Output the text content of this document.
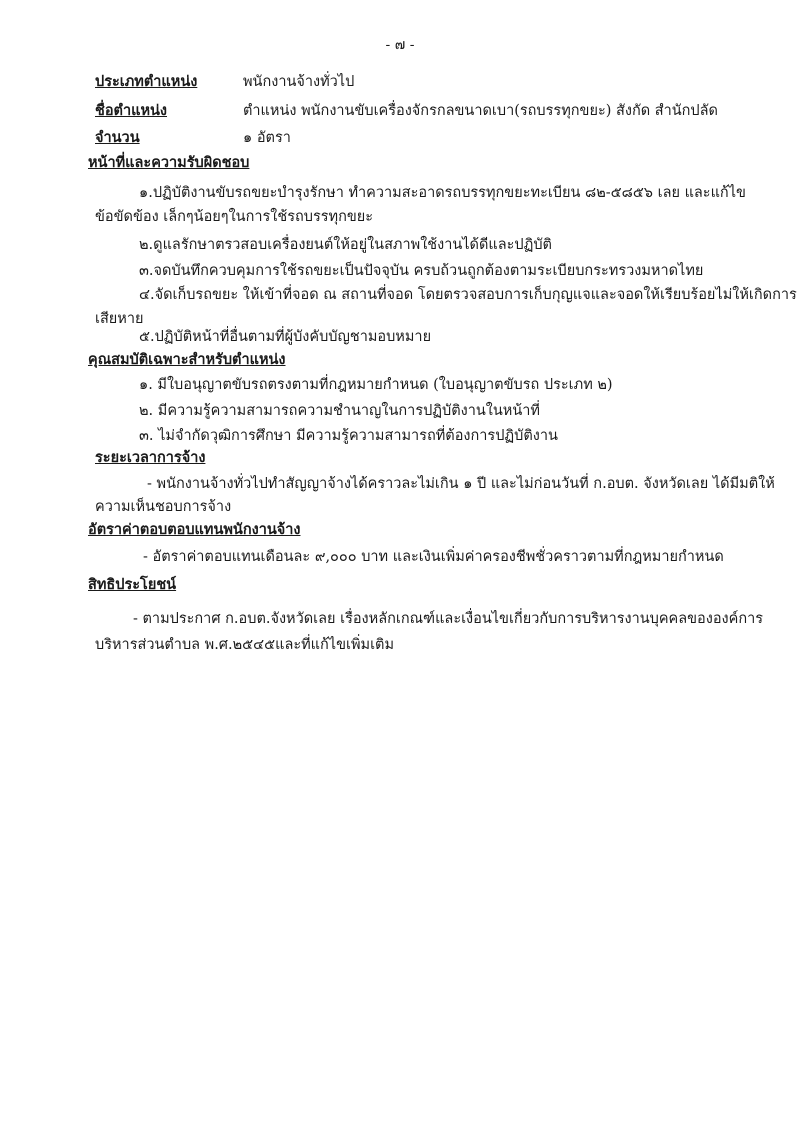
- ๗ -
ประเภทตำแหน่ง	พนักงานจ้างทั่วไป
ชื่อตำแหน่ง	ตำแหน่ง พนักงานขับเครื่องจักรกลขนาดเบา(รถบรรทุกขยะ) สังกัด สำนักปลัด
จำนวน	๑ อัตรา
หน้าที่และความรับผิดชอบ
๑.ปฏิบัติงานขับรถขยะบำรุงรักษา ทำความสะอาดรถบรรทุกขยะทะเบียน ๘๒-๕๘๕๖ เลย และแก้ไข
ข้อขัดข้อง เล็กๆน้อยๆในการใช้รถบรรทุกขยะ
๒.ดูแลรักษาตรวสอบเครื่องยนต์ให้อยู่ในสภาพใช้งานได้ดีและปฏิบัติ
๓.จดบันทึกควบคุมการใช้รถขยะเป็นปัจจุบัน ครบถ้วนถูกต้องตามระเบียบกระทรวงมหาดไทย
๔.จัดเก็บรถขยะ ให้เข้าที่จอด ณ สถานที่จอด โดยตรวจสอบการเก็บกุญแจและจอดให้เรียบร้อยไม่ให้เกิดการ
เสียหาย
๕.ปฏิบัติหน้าที่อื่นตามที่ผู้บังคับบัญชามอบหมาย
คุณสมบัติเฉพาะสำหรับตำแหน่ง
๑. มีใบอนุญาตขับรถตรงตามที่กฎหมายกำหนด (ใบอนุญาตขับรถ ประเภท ๒)
๒. มีความรู้ความสามารถความชำนาญในการปฏิบัติงานในหน้าที่
๓. ไม่จำกัดวุฒิการศึกษา มีความรู้ความสามารถที่ต้องการปฏิบัติงาน
ระยะเวลาการจ้าง
- พนักงานจ้างทั่วไปทำสัญญาจ้างได้คราวละไม่เกิน ๑ ปี และไม่ก่อนวันที่ ก.อบต. จังหวัดเลย ได้มีมติให้
ความเห็นชอบการจ้าง
อัตราค่าตอบตอบแทนพนักงานจ้าง
- อัตราค่าตอบแทนเดือนละ ๙,๐๐๐ บาท และเงินเพิ่มค่าครองชีพชั่วคราวตามที่กฎหมายกำหนด
สิทธิประโยชน์
- ตามประกาศ ก.อบต.จังหวัดเลย เรื่องหลักเกณฑ์และเงื่อนไขเกี่ยวกับการบริหารงานบุคคลขององค์การ
บริหารส่วนตำบล พ.ศ.๒๕๔๕และที่แก้ไขเพิ่มเติม
